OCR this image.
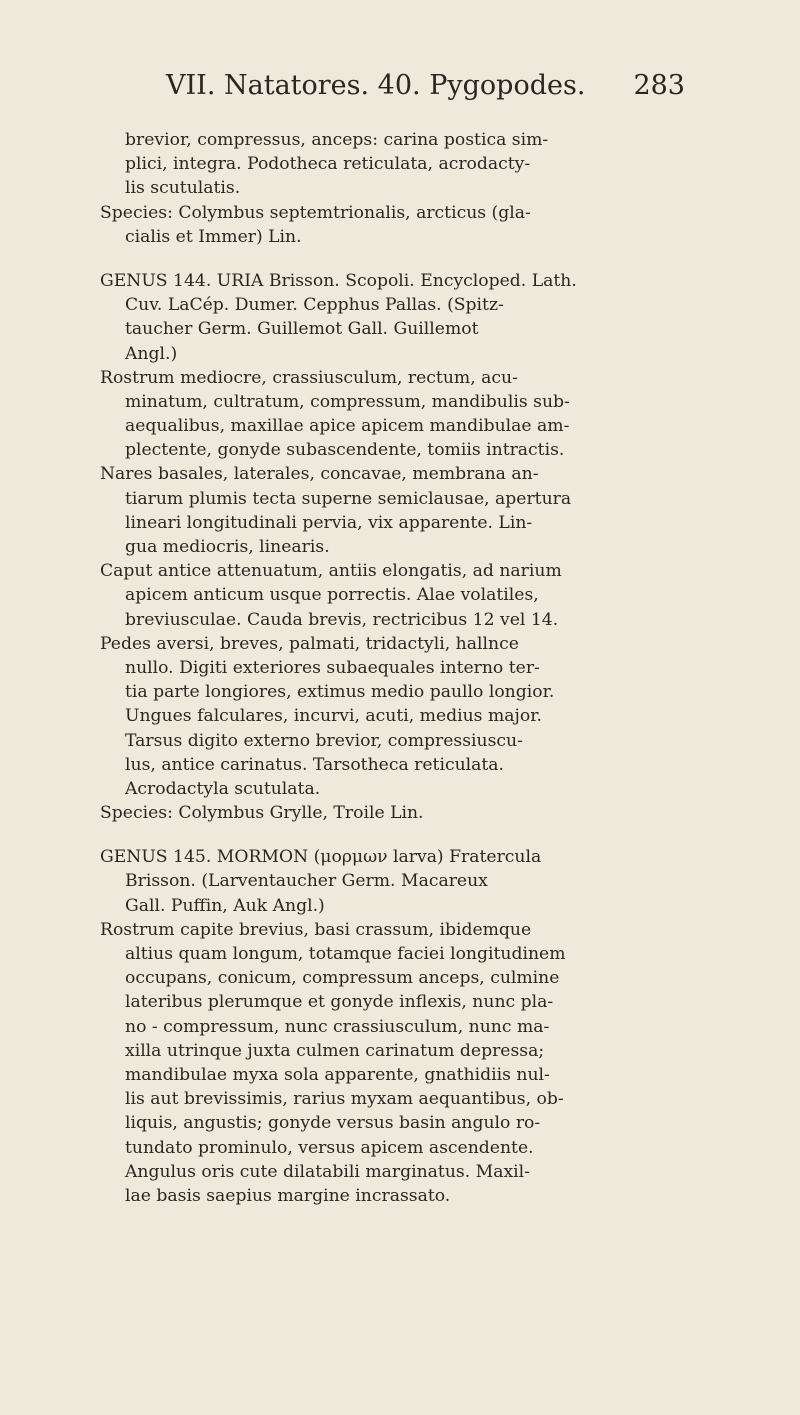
VII. Natatores. 40. Pygopodes. 283
brevior, compressus, anceps: carina postica sim-
plici, integra. Podotheca reticulata, acrodacty-
lis scutulatis.
Species: Colymbus septemtrionalis, arcticus (gla-
cialis et Immer) Lin.
GENUS 144. URIA Brisson. Scopoli. Encycloped. Lath.
Cuv. LaCép. Dumer. Cepphus Pallas. (Spitz-
taucher Germ. Guillemot Gall. Guillemot
Angl.)
Rostrum mediocre, crassiusculum, rectum, acu-
minatum, cultratum, compressum, mandibulis sub-
aequalibus, maxillae apice apicem mandibulae am-
plectente, gonyde subascendente, tomiis intractis.
Nares basales, laterales, concavae, membrana an-
tiarum plumis tecta superne semiclausae, apertura
lineari longitudinali pervia, vix apparente. Lin-
gua mediocris, linearis.
Caput antice attenuatum, antiis elongatis, ad narium
apicem anticum usque porrectis. Alae volatiles,
breviusculae. Cauda brevis, rectricibus 12 vel 14.
Pedes aversi, breves, palmati, tridactyli, hallnce
nullo. Digiti exteriores subaequales interno ter-
tia parte longiores, extimus medio paullo longior.
Ungues falculares, incurvi, acuti, medius major.
Tarsus digito externo brevior, compressiuscu-
lus, antice carinatus. Tarsotheca reticulata.
Acrodactyla scutulata.
Species: Colymbus Grylle, Troile Lin.
GENUS 145. MORMON (μορμων larva) Fratercula
Brisson. (Larventaucher Germ. Macareux
Gall. Puffin, Auk Angl.)
Rostrum capite brevius, basi crassum, ibidemque
altius quam longum, totamque faciei longitudinem
occupans, conicum, compressum anceps, culmine
lateribus plerumque et gonyde inflexis, nunc pla-
no - compressum, nunc crassiusculum, nunc ma-
xilla utrinque juxta culmen carinatum depressa;
mandibulae myxa sola apparente, gnathidiis nul-
lis aut brevissimis, rarius myxam aequantibus, ob-
liquis, angustis; gonyde versus basin angulo ro-
tundato prominulo, versus apicem ascendente.
Angulus oris cute dilatabili marginatus. Maxil-
lae basis saepius margine incrassato.
